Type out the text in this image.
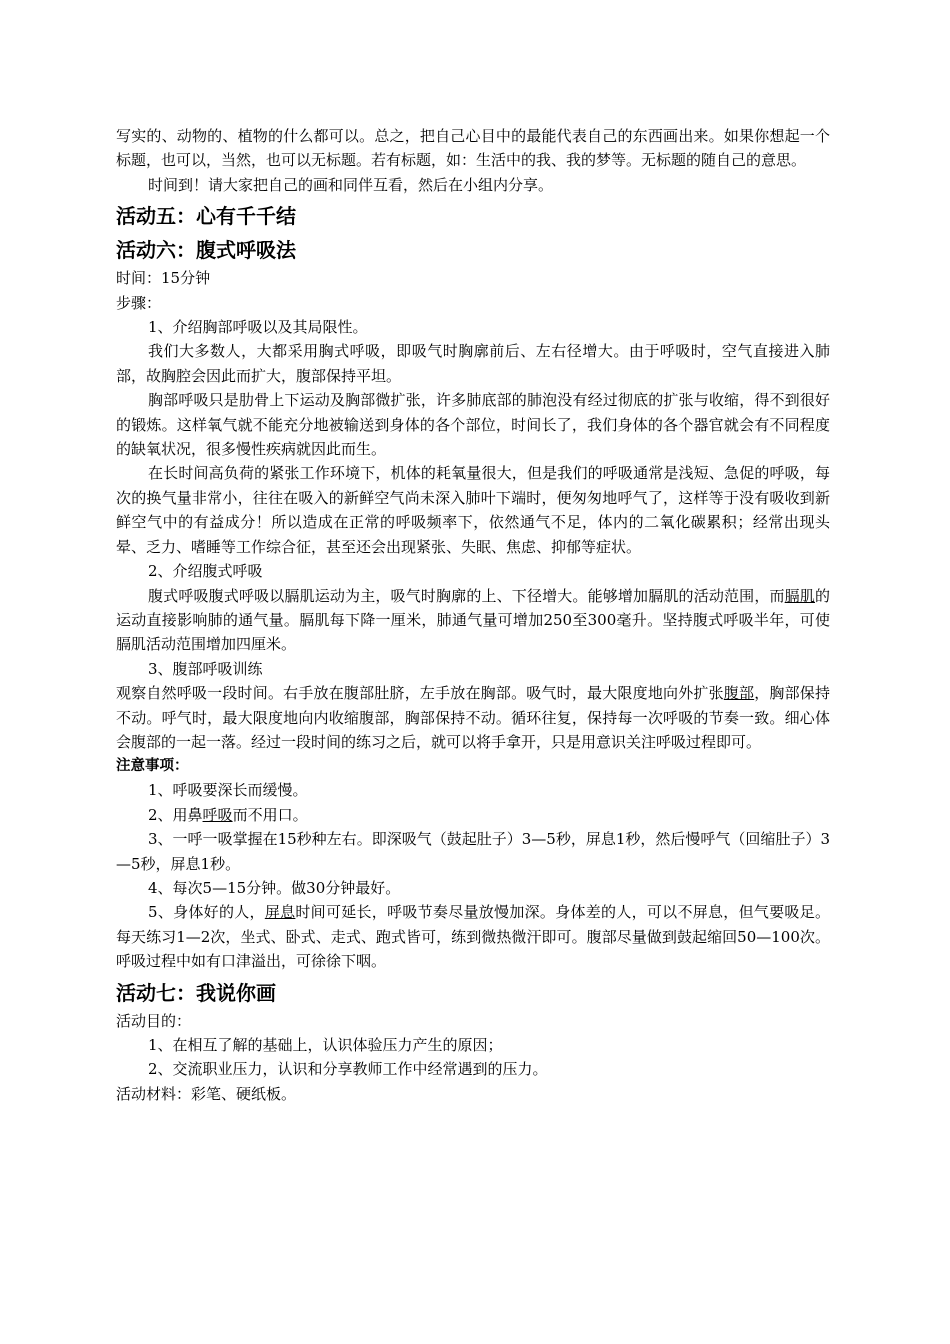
写实的、动物的、植物的什么都可以。总之，把自己心目中的最能代表自己的东西画出来。如果你想起一个标题，也可以，当然，也可以无标题。若有标题，如：生活中的我、我的梦等。无标题的随自己的意思。

时间到！请大家把自己的画和同伴互看，然后在小组内分享。

活动五：心有千千结
活动六：腹式呼吸法

时间：15分钟

步骤：

1、介绍胸部呼吸以及其局限性。

我们大多数人，大都采用胸式呼吸，即吸气时胸廓前后、左右径增大。由于呼吸时，空气直接进入肺部，故胸腔会因此而扩大，腹部保持平坦。

胸部呼吸只是肋骨上下运动及胸部微扩张，许多肺底部的肺泡没有经过彻底的扩张与收缩，得不到很好的锻炼。这样氧气就不能充分地被输送到身体的各个部位，时间长了，我们身体的各个器官就会有不同程度的缺氧状况，很多慢性疾病就因此而生。

在长时间高负荷的紧张工作环境下，机体的耗氧量很大，但是我们的呼吸通常是浅短、急促的呼吸，每次的换气量非常小，往往在吸入的新鲜空气尚未深入肺叶下端时，便匆匆地呼气了，这样等于没有吸收到新鲜空气中的有益成分！所以造成在正常的呼吸频率下，依然通气不足，体内的二氧化碳累积；经常出现头晕、乏力、嗜睡等工作综合征，甚至还会出现紧张、失眠、焦虑、抑郁等症状。

2、介绍腹式呼吸

腹式呼吸腹式呼吸以膈肌运动为主，吸气时胸廓的上、下径增大。能够增加膈肌的活动范围，而膈肌的运动直接影响肺的通气量。膈肌每下降一厘米，肺通气量可增加250至300毫升。坚持腹式呼吸半年，可使膈肌活动范围增加四厘米。

3、腹部呼吸训练

观察自然呼吸一段时间。右手放在腹部肚脐，左手放在胸部。吸气时，最大限度地向外扩张腹部，胸部保持不动。呼气时，最大限度地向内收缩腹部，胸部保持不动。循环往复，保持每一次呼吸的节奏一致。细心体会腹部的一起一落。经过一段时间的练习之后，就可以将手拿开，只是用意识关注呼吸过程即可。

注意事项：

1、呼吸要深长而缓慢。

2、用鼻呼吸而不用口。

3、一呼一吸掌握在15秒种左右。即深吸气（鼓起肚子）3—5秒，屏息1秒，然后慢呼气（回缩肚子）3—5秒，屏息1秒。

4、每次5—15分钟。做30分钟最好。

5、身体好的人，屏息时间可延长，呼吸节奏尽量放慢加深。身体差的人，可以不屏息，但气要吸足。每天练习1—2次，坐式、卧式、走式、跑式皆可，练到微热微汗即可。腹部尽量做到鼓起缩回50—100次。呼吸过程中如有口津溢出，可徐徐下咽。

活动七：我说你画

活动目的：

1、在相互了解的基础上，认识体验压力产生的原因；

2、交流职业压力，认识和分享教师工作中经常遇到的压力。

活动材料：彩笔、硬纸板。
